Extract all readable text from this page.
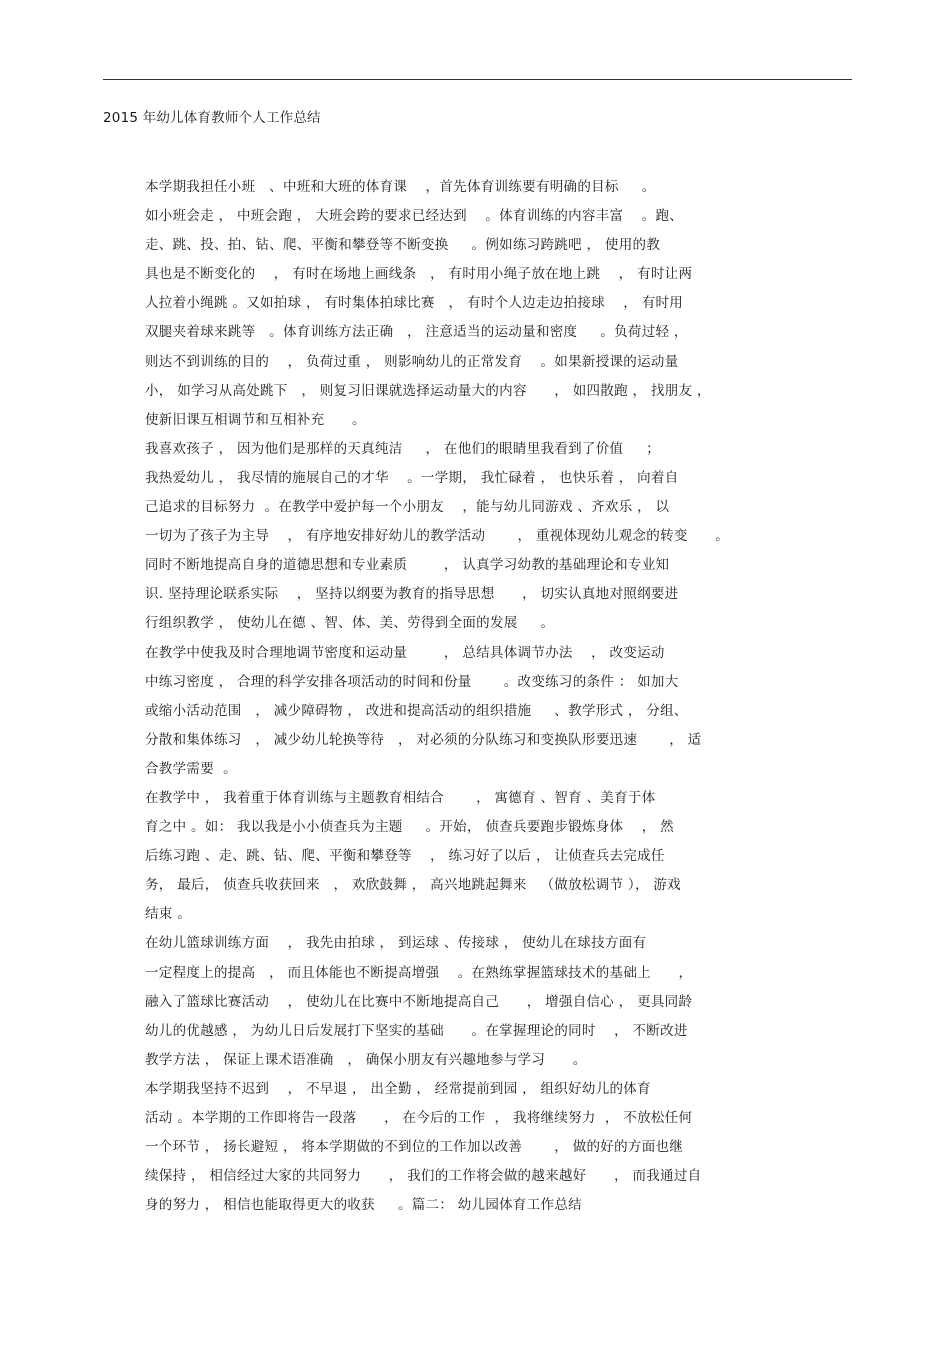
2015 年幼儿体育教师个人工作总结
本学期我担任小班   、中班和大班的体育课    ，首先体育训练要有明确的目标     。
如小班会走 ， 中班会跑 ， 大班会跨的要求已经达到    。体育训练的内容丰富    。跑、
走、跳、投、拍、钻、爬、平衡和攀登等不断变换     。例如练习跨跳吧 ， 使用的教
具也是不断变化的    ， 有时在场地上画线条   ， 有时用小绳子放在地上跳    ， 有时让两
人拉着小绳跳 。又如拍球 ， 有时集体拍球比赛   ， 有时个人边走边拍接球    ， 有时用
双腿夹着球来跳等   。体育训练方法正确   ， 注意适当的运动量和密度     。负荷过轻 ，
则达不到训练的目的    ， 负荷过重 ， 则影响幼儿的正常发育    。如果新授课的运动量
小， 如学习从高处跳下   ， 则复习旧课就选择运动量大的内容      ， 如四散跑 ， 找朋友 ，
使新旧课互相调节和互相补充      。
我喜欢孩子 ， 因为他们是那样的天真纯洁     ， 在他们的眼睛里我看到了价值     ；
我热爱幼儿 ， 我尽情的施展自己的才华    。一学期， 我忙碌着 ， 也快乐着 ， 向着自
己追求的目标努力  。在教学中爱护每一个小朋友    ，能与幼儿同游戏 、齐欢乐 ， 以
一切为了孩子为主导    ， 有序地安排好幼儿的教学活动       ， 重视体现幼儿观念的转变      。
同时不断地提高自身的道德思想和专业素质        ， 认真学习幼教的基础理论和专业知
识. 坚持理论联系实际    ， 坚持以纲要为教育的指导思想      ， 切实认真地对照纲要进
行组织教学 ， 使幼儿在德 、智、体、美、劳得到全面的发展     。
在教学中使我及时合理地调节密度和运动量        ， 总结具体调节办法    ， 改变运动
中练习密度 ， 合理的科学安排各项活动的时间和份量       。改变练习的条件 ： 如加大
或缩小活动范围   ， 减少障碍物 ， 改进和提高活动的组织措施     、教学形式 ， 分组、
分散和集体练习   ， 减少幼儿轮换等待   ， 对必须的分队练习和变换队形要迅速       ， 适
合教学需要  。
在教学中 ， 我着重于体育训练与主题教育相结合       ， 寓德育 、智育 、美育于体
育之中 。如： 我以我是小小侦查兵为主题     。开始， 侦查兵要跑步锻炼身体    ， 然
后练习跑 、走、跳、钻、爬、平衡和攀登等    ， 练习好了以后 ， 让侦查兵去完成任
务， 最后， 侦查兵收获回来   ， 欢欣鼓舞 ， 高兴地跳起舞来   （做放松调节 ）， 游戏
结束 。
在幼儿篮球训练方面    ， 我先由拍球 ， 到运球 、传接球 ， 使幼儿在球技方面有
一定程度上的提高   ， 而且体能也不断提高增强    。在熟练掌握篮球技术的基础上      ，
融入了篮球比赛活动    ， 使幼儿在比赛中不断地提高自己      ， 增强自信心 ， 更具同龄
幼儿的优越感 ， 为幼儿日后发展打下坚实的基础      。在掌握理论的同时    ， 不断改进
教学方法 ， 保证上课术语准确   ， 确保小朋友有兴趣地参与学习      。
本学期我坚持不迟到    ， 不早退 ， 出全勤 ， 经常提前到园 ， 组织好幼儿的体育
活动 。本学期的工作即将告一段落      ， 在今后的工作  ， 我将继续努力  ， 不放松任何
一个环节 ， 扬长避短 ， 将本学期做的不到位的工作加以改善       ， 做的好的方面也继
续保持 ， 相信经过大家的共同努力      ， 我们的工作将会做的越来越好      ， 而我通过自
身的努力 ， 相信也能取得更大的收获     。篇二： 幼儿园体育工作总结
